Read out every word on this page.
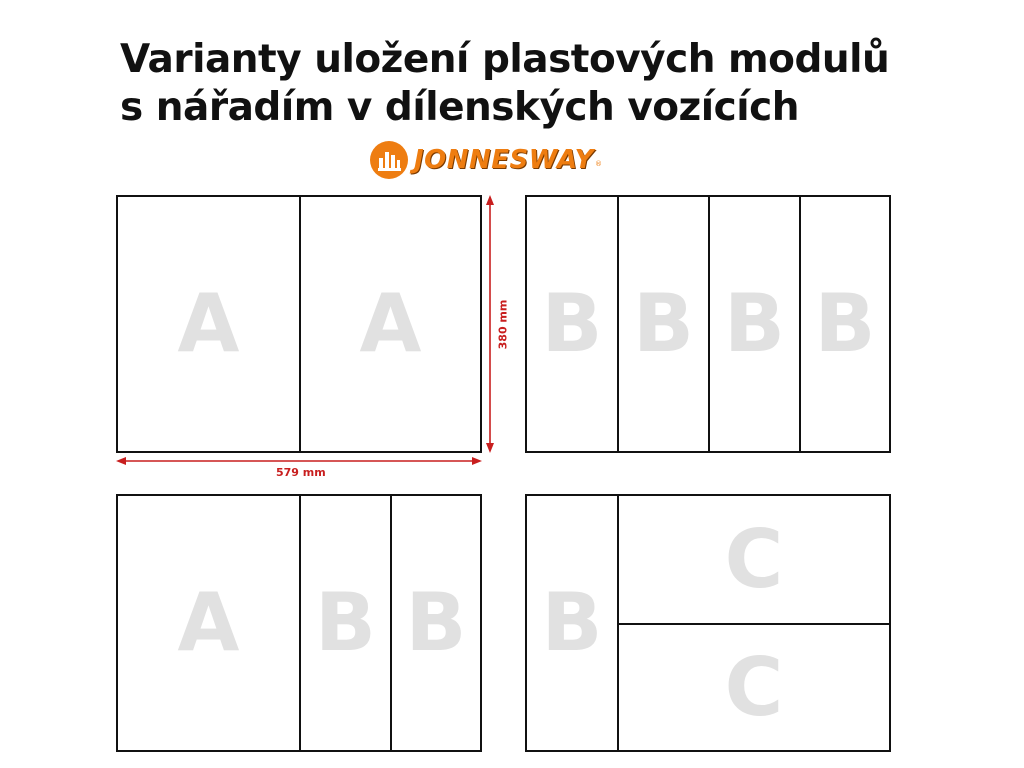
Varianty uložení plastových modulů
s nářadím v dílenských vozících
JONNESWAY ®
A A B B B B
A B B B
C
C
579 mm
380 mm
